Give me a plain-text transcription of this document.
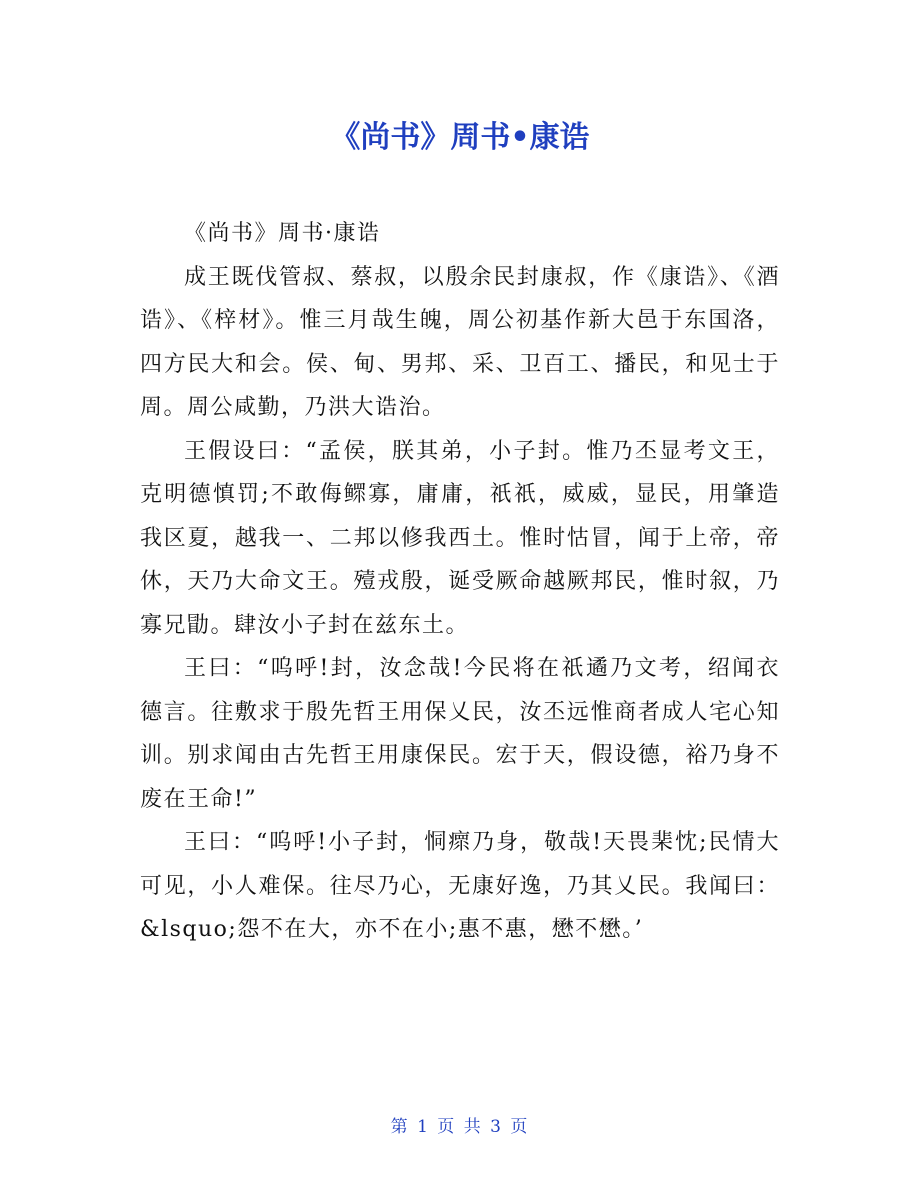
《尚书》周书•康诰

《尚书》周书·康诰

成王既伐管叔、蔡叔，以殷余民封康叔，作《康诰》、《酒诰》、《梓材》。惟三月哉生魄，周公初基作新大邑于东国洛，四方民大和会。侯、甸、男邦、采、卫百工、播民，和见士于周。周公咸勤，乃洪大诰治。

王假设曰：“孟侯，朕其弟，小子封。惟乃丕显考文王，克明德慎罚;不敢侮鳏寡，庸庸，祇祇，威威，显民，用肇造我区夏，越我一、二邦以修我西土。惟时怙冒，闻于上帝，帝休，天乃大命文王。殪戎殷，诞受厥命越厥邦民，惟时叙，乃寡兄勖。肆汝小子封在兹东土。

王曰：“呜呼!封，汝念哉!今民将在祇遹乃文考，绍闻衣德言。往敷求于殷先哲王用保乂民，汝丕远惟商者成人宅心知训。别求闻由古先哲王用康保民。宏于天，假设德，裕乃身不废在王命!”

王曰：“呜呼!小子封，恫瘝乃身，敬哉!天畏棐忱;民情大可见，小人难保。往尽乃心，无康好逸，乃其乂民。我闻曰：&lsquo;怨不在大，亦不在小;惠不惠，懋不懋。’

第 1 页 共 3 页
